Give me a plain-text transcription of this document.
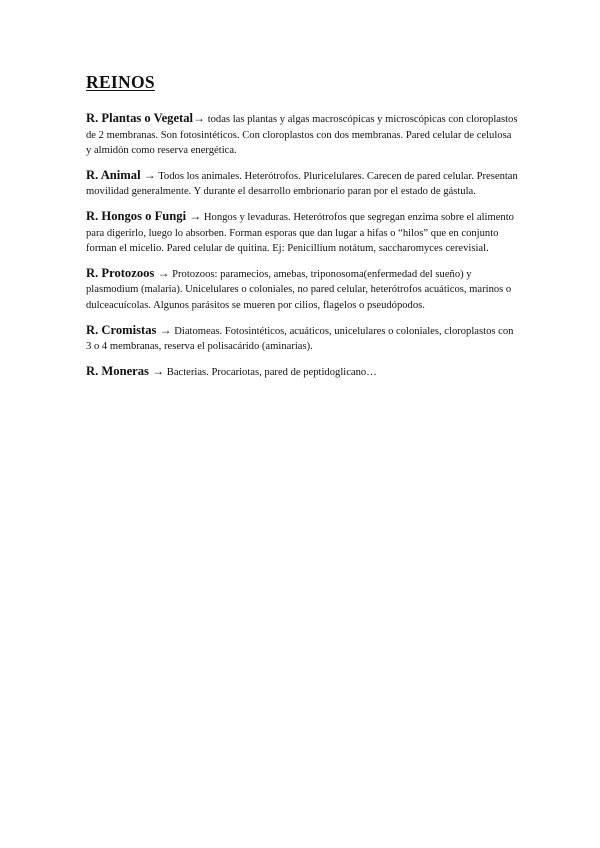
REINOS

R. Plantas o Vegetal→ todas las plantas y algas macroscópicas y microscópicas con cloroplastos de 2 membranas. Son fotosintéticos. Con cloroplastos con dos membranas. Pared celular de celulosa y almidón como reserva energética.

R. Animal → Todos los animales. Heterótrofos. Pluricelulares. Carecen de pared celular. Presentan movilidad generalmente. Y durante el desarrollo embrionario paran por el estado de gástula.

R. Hongos o Fungi → Hongos y levaduras. Heterótrofos que segregan enzima sobre el alimento para digerirlo, luego lo absorben. Forman esporas que dan lugar a hifas o “hilos” que en conjunto forman el micelio. Pared celular de quitina. Ej: Penicillium notátum, saccharomyces cerevisial.

R. Protozoos → Protozoos: paramecios, amebas, triponosoma(enfermedad del sueño) y plasmodium (malaria). Unicelulares o coloniales, no pared celular, heterótrofos acuáticos, marinos o dulceacuícolas. Algunos parásitos se mueren por cilios, flagelos o pseudópodos.

R. Cromistas → Diatomeas. Fotosintéticos, acuáticos, unicelulares o coloniales, cloroplastos con 3 o 4 membranas, reserva el polisacárido (aminarias).

R. Moneras → Bacterias. Procariotas, pared de peptidoglicano…
